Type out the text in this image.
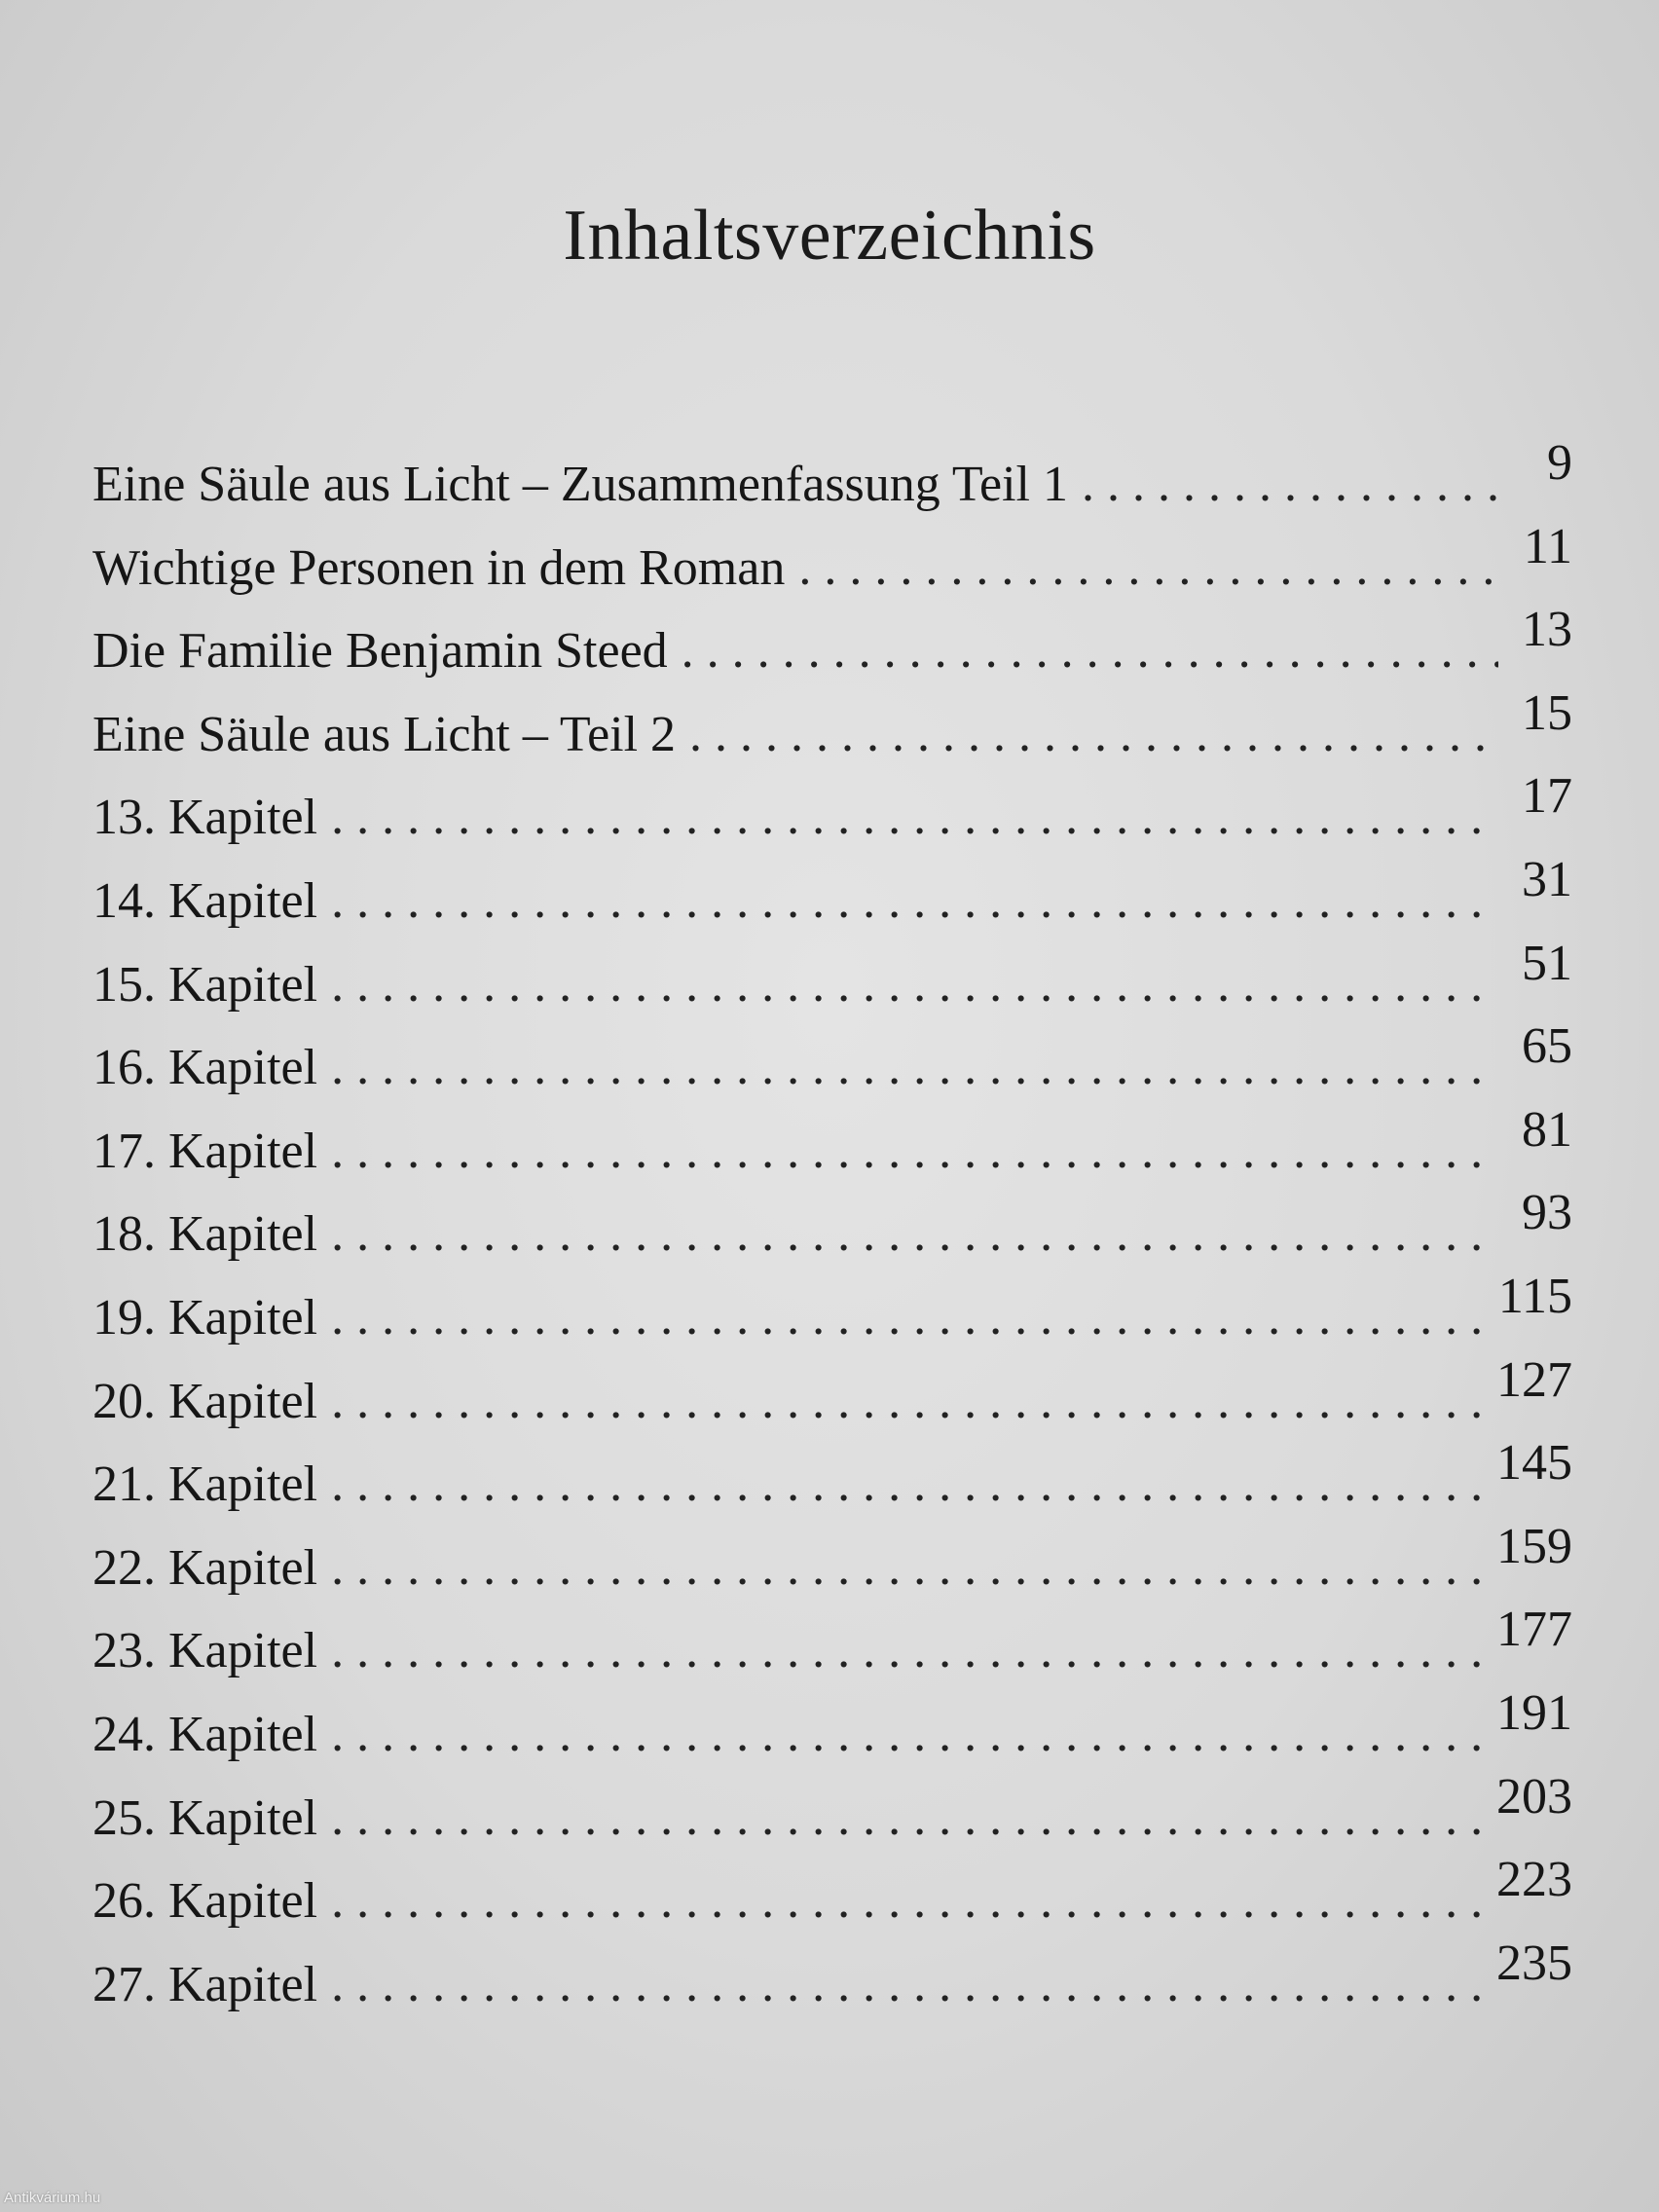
Inhaltsverzeichnis
Eine Säule aus Licht – Zusammenfassung Teil 1 . . .	9
Wichtige Personen in dem Roman . . .	11
Die Familie Benjamin Steed . . .	13
Eine Säule aus Licht – Teil 2 . . .	15
13. Kapitel . . .	17
14. Kapitel . . .	31
15. Kapitel . . .	51
16. Kapitel . . .	65
17. Kapitel . . .	81
18. Kapitel . . .	93
19. Kapitel . . .	115
20. Kapitel . . .	127
21. Kapitel . . .	145
22. Kapitel . . .	159
23. Kapitel . . .	177
24. Kapitel . . .	191
25. Kapitel . . .	203
26. Kapitel . . .	223
27. Kapitel . . .	235
Antikvárium.hu
